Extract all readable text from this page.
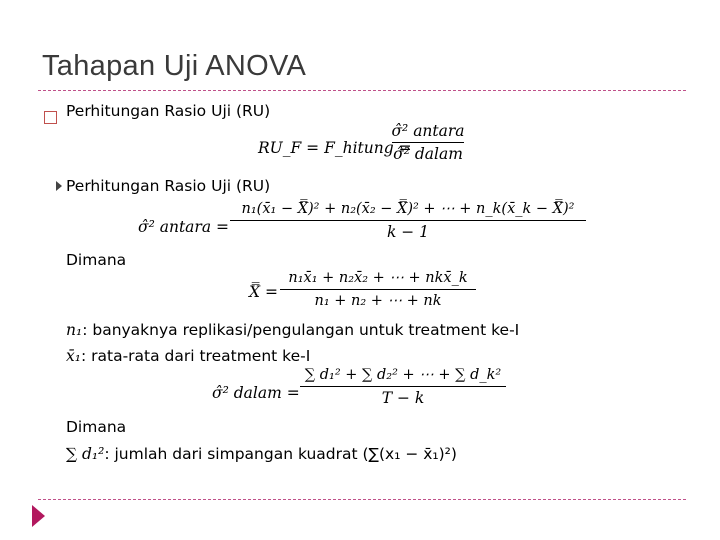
Tahapan Uji ANOVA
Perhitungan Rasio Uji (RU)
RU_F = F_hitung =
σ̂² antara
σ̂² dalam
Perhitungan Rasio Uji (RU)
σ̂² antara =
n₁(x̄₁ − X̿)² + n₂(x̄₂ − X̿)² + ⋯ + n_k(x̄_k − X̿)²
k − 1
Dimana
X̿ =
n₁x̄₁ + n₂x̄₂ + ⋯ + nkx̄_k
n₁ + n₂ + ⋯ + nk
n₁: banyaknya replikasi/pengulangan untuk treatment ke-I
x̄₁: rata-rata dari treatment ke-I
σ̂² dalam =
∑ d₁² + ∑ d₂² + ⋯ + ∑ d_k²
T − k
Dimana
∑ d₁²: jumlah dari simpangan kuadrat (∑(x₁ − x̄₁)²)
